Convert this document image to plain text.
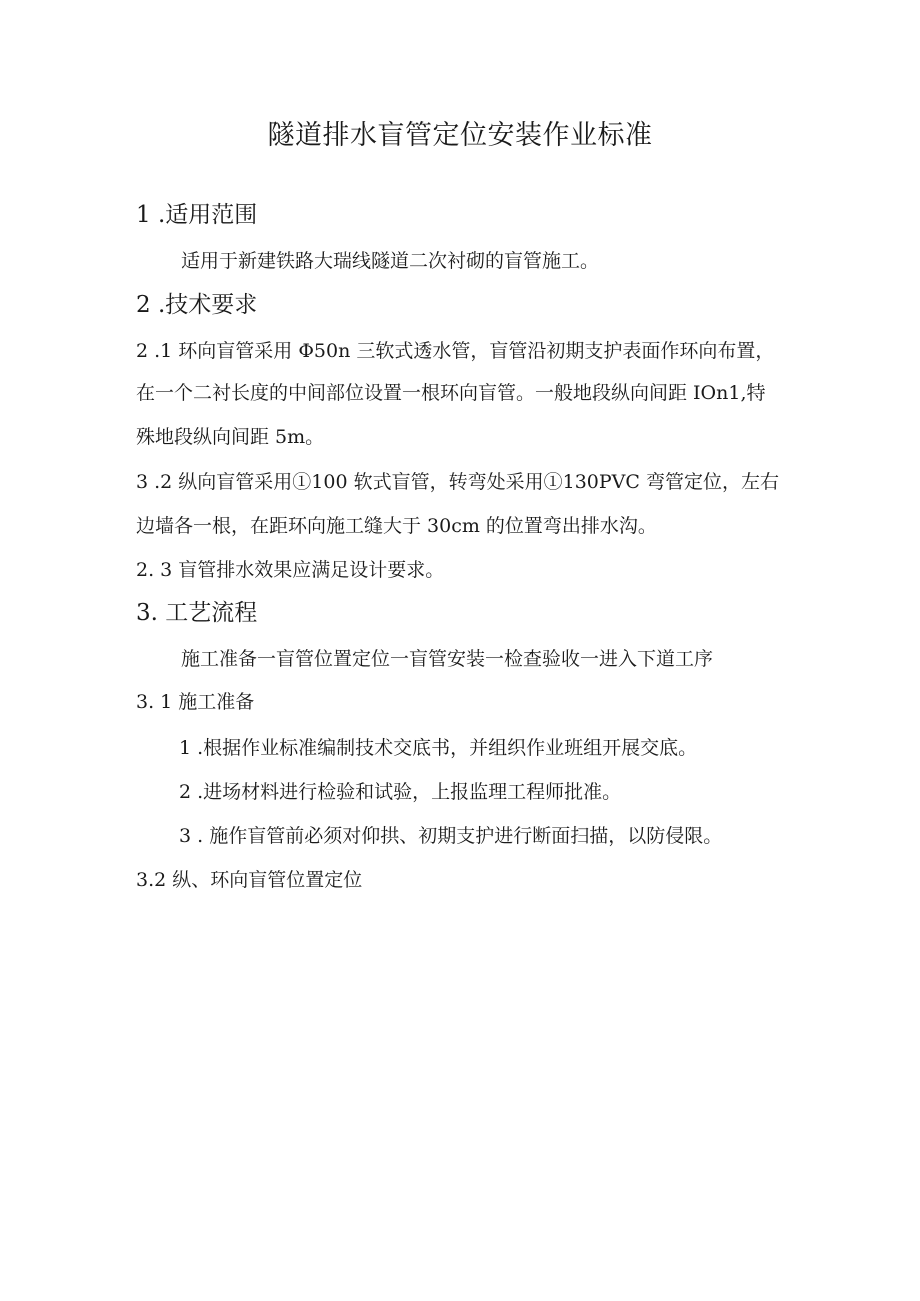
隧道排水盲管定位安装作业标准
1 .适用范围
适用于新建铁路大瑞线隧道二次衬砌的盲管施工。
2 .技术要求
2 .1 环向盲管采用 Φ50n 三软式透水管，盲管沿初期支护表面作环向布置，
在一个二衬长度的中间部位设置一根环向盲管。一般地段纵向间距 IOn1,特
殊地段纵向间距 5m。
3 .2 纵向盲管采用①100 软式盲管，转弯处采用①130PVC 弯管定位，左右
边墙各一根，在距环向施工缝大于 30cm 的位置弯出排水沟。
2. 3 盲管排水效果应满足设计要求。
3. 工艺流程
施工准备一盲管位置定位一盲管安装一检查验收一进入下道工序
3. 1 施工准备
1 .根据作业标准编制技术交底书，并组织作业班组开展交底。
2 .进场材料进行检验和试验，上报监理工程师批准。
3 . 施作盲管前必须对仰拱、初期支护进行断面扫描，以防侵限。
3.2 纵、环向盲管位置定位
